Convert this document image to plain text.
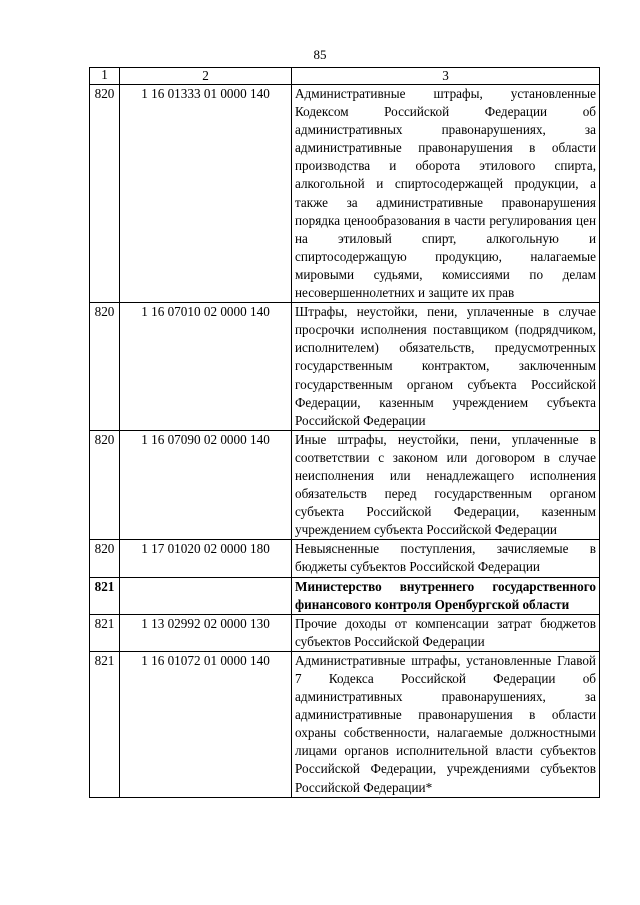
85
1	2	3
820	1 16 01333 01 0000 140	Административные штрафы, установленные Кодексом Российской Федерации об административных правонарушениях, за административные правонарушения в области производства и оборота этилового спирта, алкогольной и спиртосодержащей продукции, а также за административные правонарушения порядка ценообразования в части регулирования цен на этиловый спирт, алкогольную и спиртосодержащую продукцию, налагаемые мировыми судьями, комиссиями по делам несовершеннолетних и защите их прав
820	1 16 07010 02 0000 140	Штрафы, неустойки, пени, уплаченные в случае просрочки исполнения поставщиком (подрядчиком, исполнителем) обязательств, предусмотренных государственным контрактом, заключенным государственным органом субъекта Российской Федерации, казенным учреждением субъекта Российской Федерации
820	1 16 07090 02 0000 140	Иные штрафы, неустойки, пени, уплаченные в соответствии с законом или договором в случае неисполнения или ненадлежащего исполнения обязательств перед государственным органом субъекта Российской Федерации, казенным учреждением субъекта Российской Федерации
820	1 17 01020 02 0000 180	Невыясненные поступления, зачисляемые в бюджеты субъектов Российской Федерации
821		Министерство внутреннего государственного финансового контроля Оренбургской области
821	1 13 02992 02 0000 130	Прочие доходы от компенсации затрат бюджетов субъектов Российской Федерации
821	1 16 01072 01 0000 140	Административные штрафы, установленные Главой 7 Кодекса Российской Федерации об административных правонарушениях, за административные правонарушения в области охраны собственности, налагаемые должностными лицами органов исполнительной власти субъектов Российской Федерации, учреждениями субъектов Российской Федерации*
